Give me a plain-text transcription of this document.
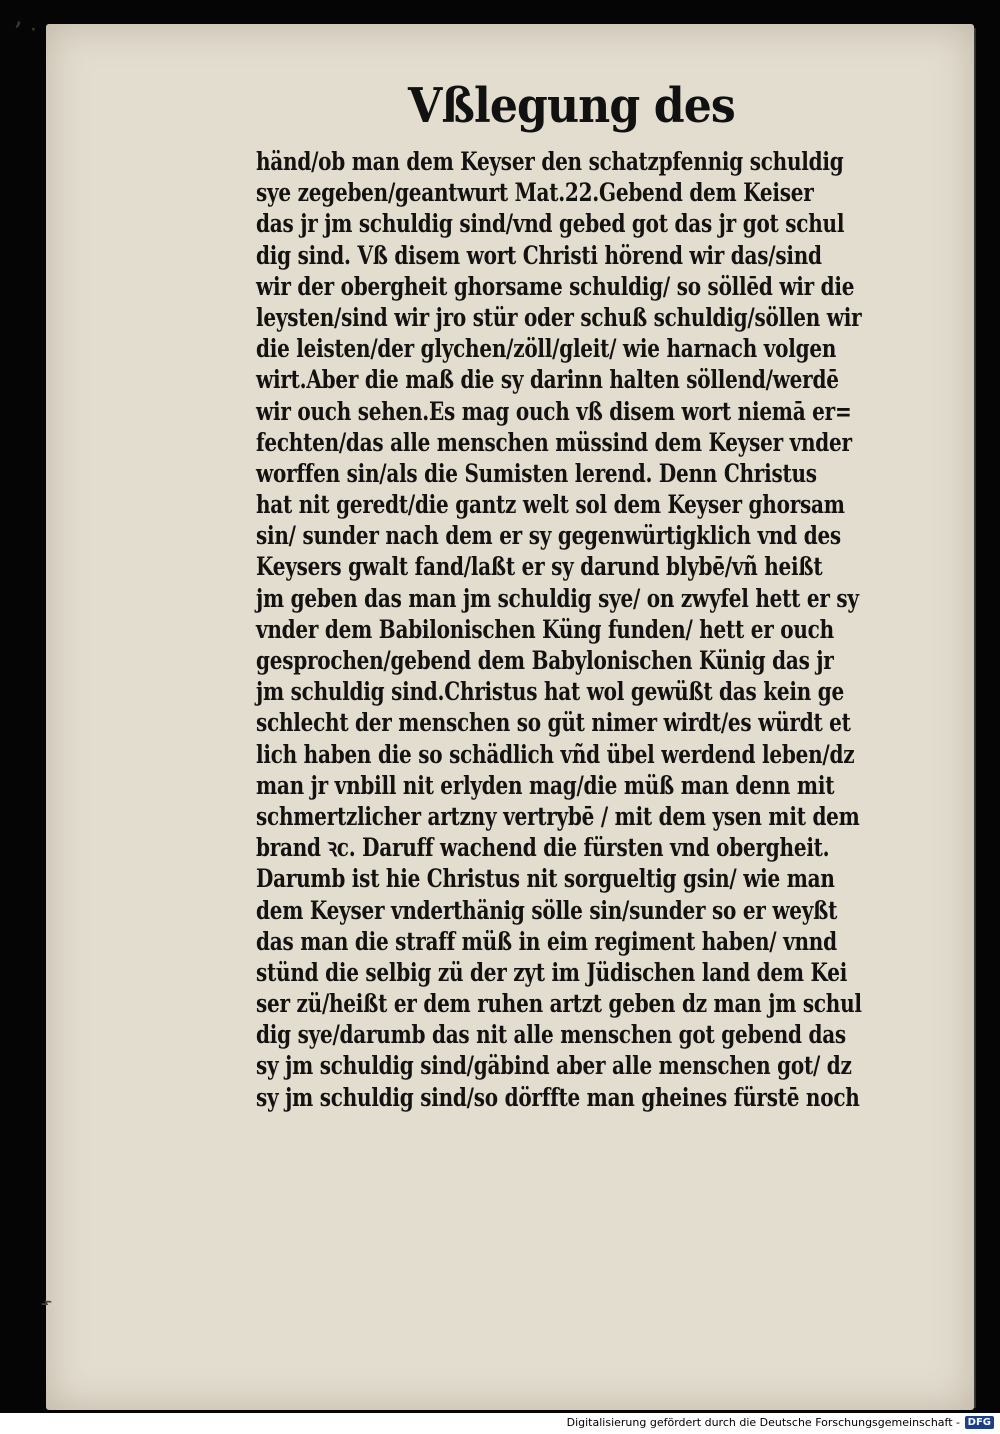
ʼ ˑ
Vßlegung des
händ/ob man dem Keyser den schatzpfennig schuldig
sye zegeben/geantwurt Mat.22.Gebend dem Keiser
das jr jm schuldig sind/vnd gebed got das jr got schul
dig sind. Vß disem wort Christi hörend wir das/sind
wir der obergheit ghorsame schuldig/ so söllēd wir die
leysten/sind wir jro stür oder schuß schuldig/söllen wir
die leisten/der glychen/zöll/gleit/ wie harnach volgen
wirt.Aber die maß die sy darinn halten söllend/werdē
wir ouch sehen.Es mag ouch vß disem wort niemā er=
fechten/das alle menschen müssind dem Keyser vnder
worffen sin/als die Sumisten lerend. Denn Christus
hat nit geredt/die gantz welt sol dem Keyser ghorsam
sin/ sunder nach dem er sy gegenwürtigklich vnd des
Keysers gwalt fand/laßt er sy darund blybē/vñ heißt
jm geben das man jm schuldig sye/ on zwyfel hett er sy
vnder dem Babilonischen Küng funden/ hett er ouch
gesprochen/gebend dem Babylonischen Künig das jr
jm schuldig sind.Christus hat wol gewüßt das kein ge
schlecht der menschen so güt nimer wirdt/es würdt et
lich haben die so schädlich vñd übel werdend leben/dz
man jr vnbill nit erlyden mag/die müß man denn mit
schmertzlicher artzny vertrybē / mit dem ysen mit dem
brand ꝛc. Daruff wachend die fürsten vnd obergheit.
Darumb ist hie Christus nit sorgueltig gsin/ wie man
dem Keyser vnderthänig sölle sin/sunder so er weyßt
das man die straff müß in eim regiment haben/ vnnd
stünd die selbig zü der zyt im Jüdischen land dem Kei
ser zü/heißt er dem ruhen artzt geben dz man jm schul
dig sye/darumb das nit alle menschen got gebend das
sy jm schuldig sind/gäbind aber alle menschen got/ dz
sy jm schuldig sind/so dörffte man gheines fürstē noch
⌁
Digitalisierung gefördert durch die Deutsche Forschungsgemeinschaft - DFG
